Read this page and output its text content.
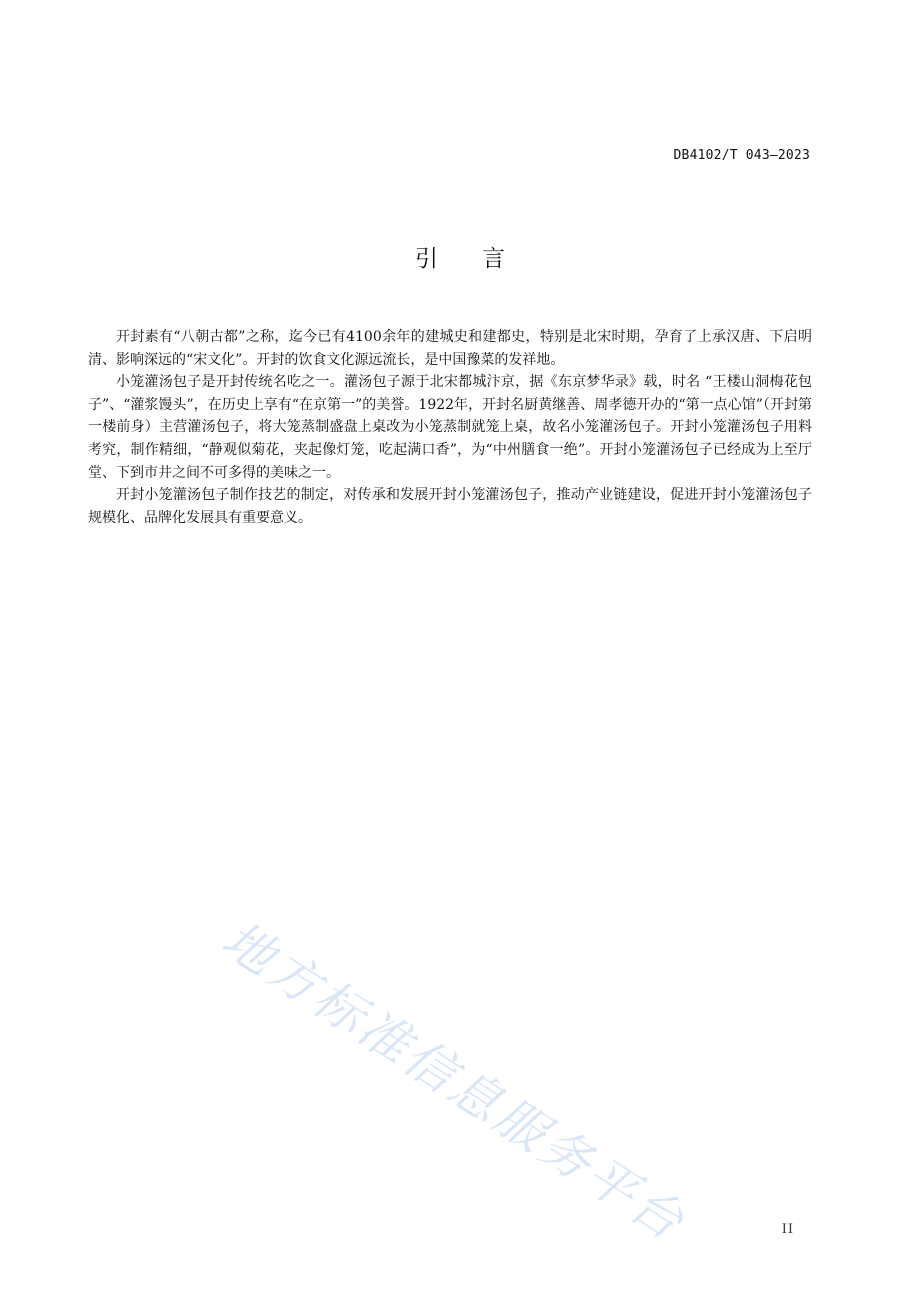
DB4102/T 043—2023
引言

开封素有“八朝古都”之称，迄今已有4100余年的建城史和建都史，特别是北宋时期，孕育了上承汉唐、下启明清、影响深远的“宋文化”。开封的饮食文化源远流长，是中国豫菜的发祥地。

小笼灌汤包子是开封传统名吃之一。灌汤包子源于北宋都城汴京，据《东京梦华录》载，时名 “王楼山洞梅花包子”、“灌浆馒头”，在历史上享有“在京第一”的美誉。1922年，开封名厨黄继善、周孝德开办的“第一点心馆”（开封第一楼前身）主营灌汤包子，将大笼蒸制盛盘上桌改为小笼蒸制就笼上桌，故名小笼灌汤包子。开封小笼灌汤包子用料考究，制作精细，“静观似菊花，夹起像灯笼，吃起满口香”，为“中州膳食一绝”。开封小笼灌汤包子已经成为上至厅堂、下到市井之间不可多得的美味之一。

开封小笼灌汤包子制作技艺的制定，对传承和发展开封小笼灌汤包子，推动产业链建设，促进开封小笼灌汤包子规模化、品牌化发展具有重要意义。

地方标准信息服务平台	II
